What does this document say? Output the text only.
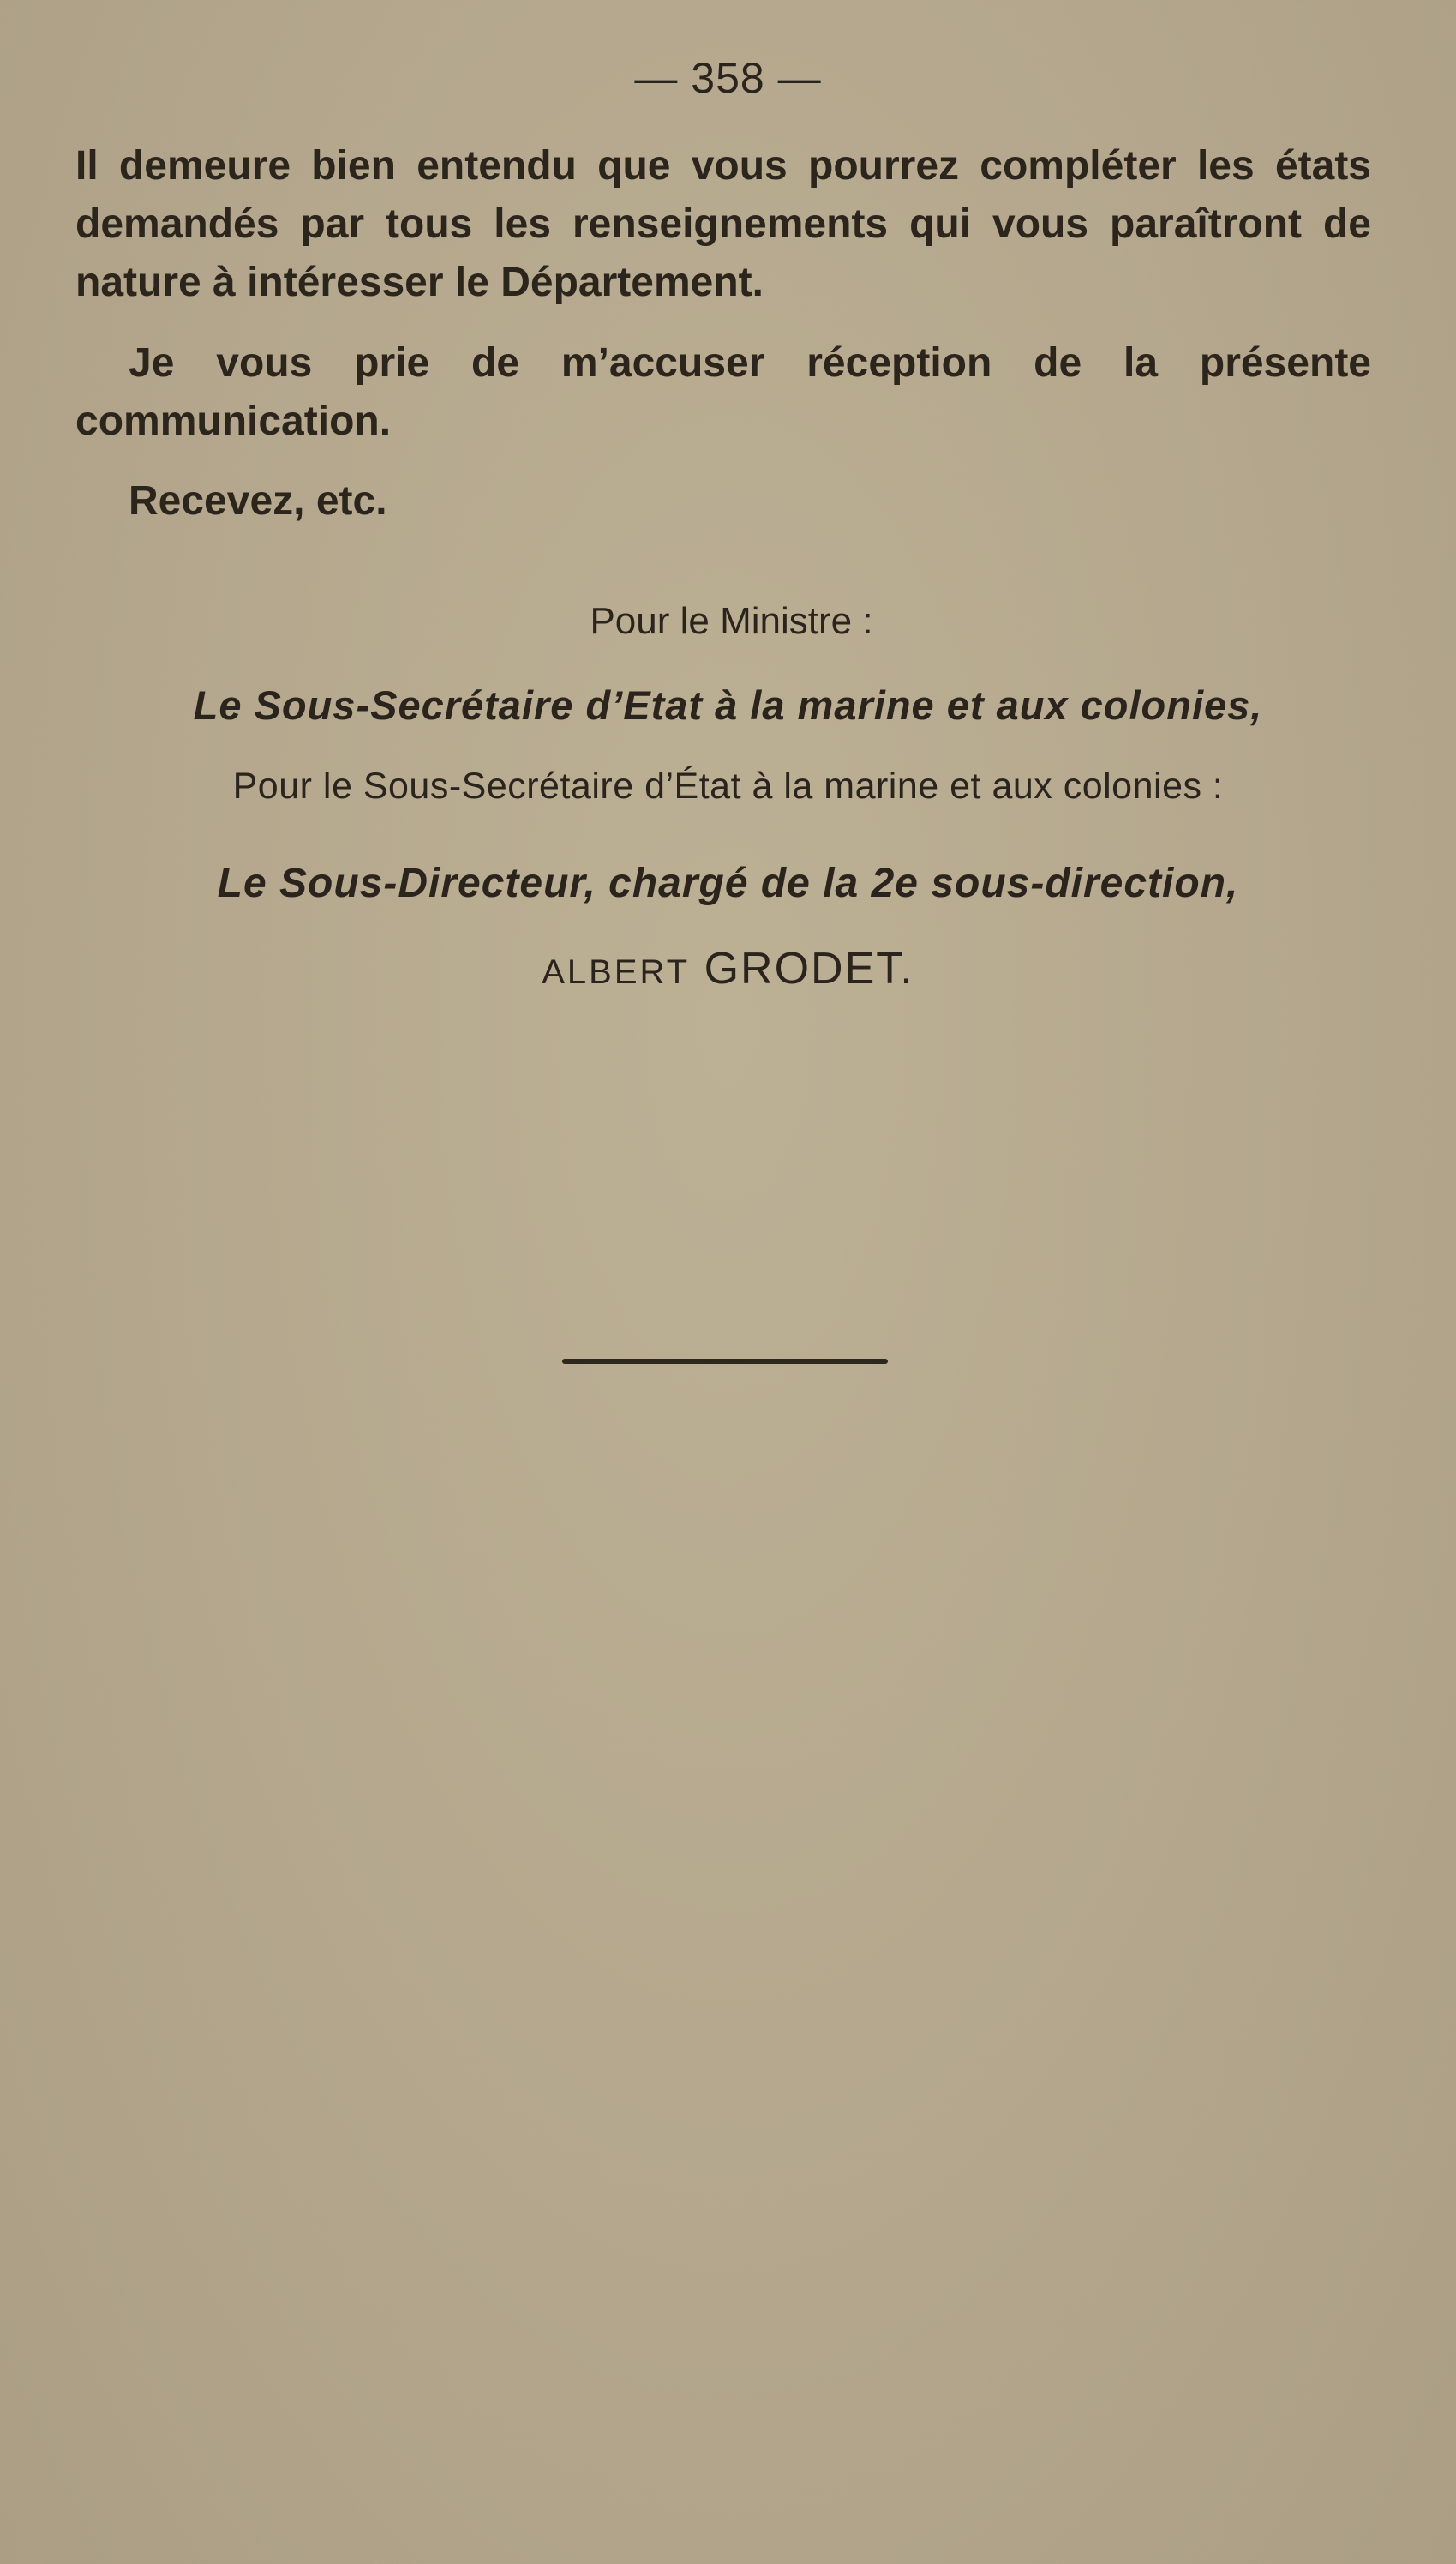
— 358 —

Il demeure bien entendu que vous pourrez compléter les états demandés par tous les renseignements qui vous paraîtront de nature à intéresser le Département.

Je vous prie de m’accuser réception de la présente communication.

Recevez, etc.

Pour le Ministre :

Le Sous-Secrétaire d’Etat à la marine et aux colonies,

Pour le Sous-Secrétaire d’État à la marine et aux colonies :

Le Sous-Directeur, chargé de la 2e sous-direction,

ALBERT GRODET.
